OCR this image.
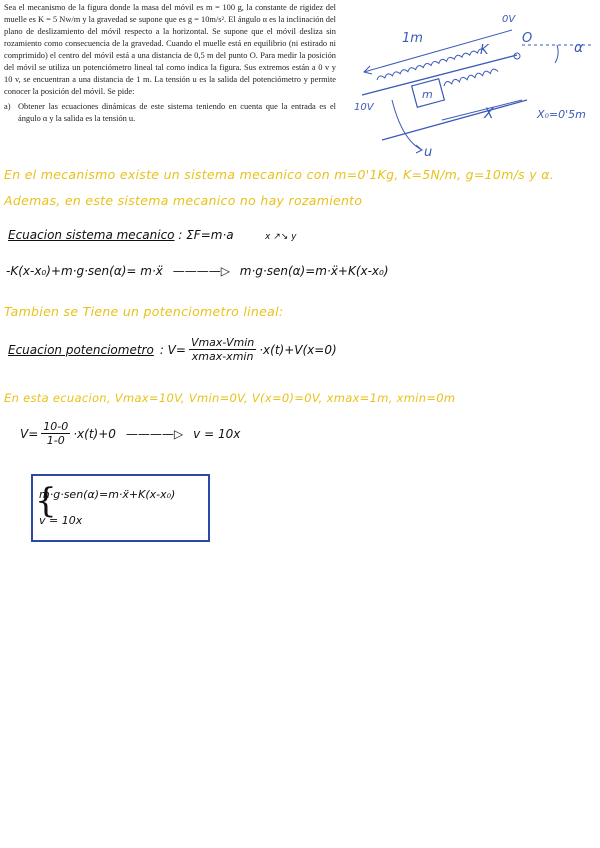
Sea el mecanismo de la figura donde la masa del móvil es m = 100 g, la constante de rigidez del muelle es K = 5 Nw/m y la gravedad se supone que es g = 10m/s². El ángulo α es la inclinación del plano de deslizamiento del móvil respecto a la horizontal. Se supone que el móvil desliza sin rozamiento como consecuencia de la gravedad. Cuando el muelle está en equilibrio (ni estirado ni comprimido) el centro del móvil está a una distancia de 0,5 m del punto O. Para medir la posición del móvil se utiliza un potenciómetro lineal tal como indica la figura. Sus extremos están a 0 v y 10 v, se encuentran a una distancia de 1 m. La tensión u es la salida del potenciómetro y permite conocer la posición del móvil. Se pide:

a) Obtener las ecuaciones dinámicas de este sistema teniendo en cuenta que la entrada es el ángulo α y la salida es la tensión u.
1m
0V
10V
K
O
m
α
X	X₀=0'5m
u
En el mecanismo existe un sistema mecanico con m=0'1Kg, K=5N/m, g=10m/s y α.
Ademas, en este sistema mecanico no hay rozamiento
Ecuacion sistema mecanico : ΣF=m·a	x ↗↘ y
-K(x-x₀)+m·g·sen(α)= m·ẍ ————▷ m·g·sen(α)=m·ẍ+K(x-x₀)
Tambien se Tiene un potenciometro lineal:
Ecuacion potenciometro : $V= \frac{Vmax-Vmin}{xmax-xmin} \cdot x(t)+V(x=0)$
En esta ecuacion, Vmax=10V, Vmin=0V, V(x=0)=0V, xmax=1m, xmin=0m
$V= \frac{10-0}{1-0} \cdot x(t)+0$ ————▷ v = 10x
m·g·sen(α)=m·ẍ+K(x-x₀)
v = 10x
{
